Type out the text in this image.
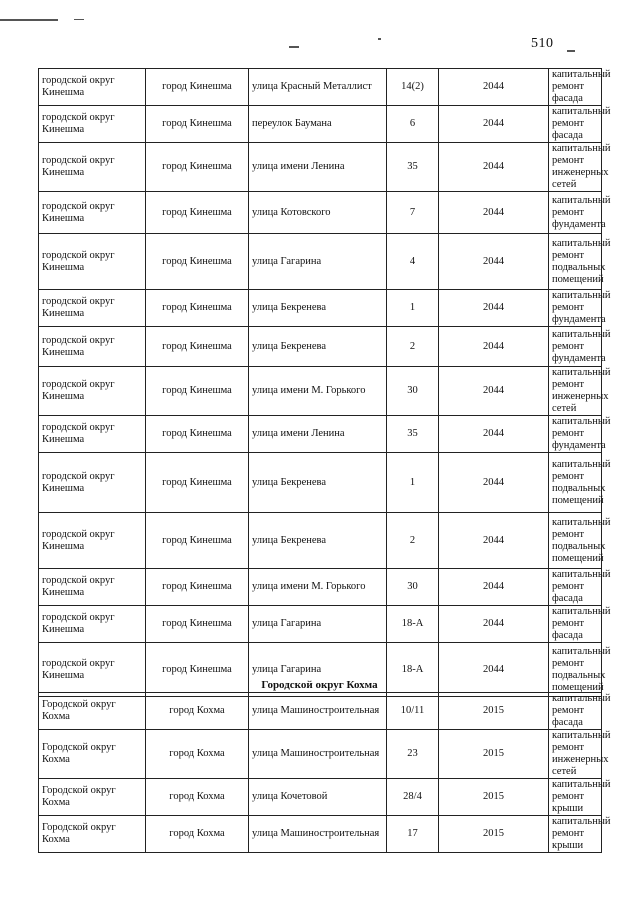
510
городской округ Кинешма	город Кинешма	улица Красный Металлист	14(2)	2044	капитальный ремонт фасада
городской округ Кинешма	город Кинешма	переулок Баумана	6	2044	капитальный ремонт фасада
городской округ Кинешма	город Кинешма	улица имени Ленина	35	2044	капитальный ремонт инженерных сетей
городской округ Кинешма	город Кинешма	улица Котовского	7	2044	капитальный ремонт фундамента
городской округ Кинешма	город Кинешма	улица Гагарина	4	2044	капитальный ремонт подвальных помещений
городской округ Кинешма	город Кинешма	улица Бекренева	1	2044	капитальный ремонт фундамента
городской округ Кинешма	город Кинешма	улица Бекренева	2	2044	капитальный ремонт фундамента
городской округ Кинешма	город Кинешма	улица имени М. Горького	30	2044	капитальный ремонт инженерных сетей
городской округ Кинешма	город Кинешма	улица имени Ленина	35	2044	капитальный ремонт фундамента
городской округ Кинешма	город Кинешма	улица Бекренева	1	2044	капитальный ремонт подвальных помещений
городской округ Кинешма	город Кинешма	улица Бекренева	2	2044	капитальный ремонт подвальных помещений
городской округ Кинешма	город Кинешма	улица имени М. Горького	30	2044	капитальный ремонт фасада
городской округ Кинешма	город Кинешма	улица Гагарина	18-А	2044	капитальный ремонт фасада
городской округ Кинешма	город Кинешма	улица Гагарина	18-А	2044	капитальный ремонт подвальных помещений
Городской округ Кохма
Городской округ Кохма	город Кохма	улица Машиностроительная	10/11	2015	капитальный ремонт фасада
Городской округ Кохма	город Кохма	улица Машиностроительная	23	2015	капитальный ремонт инженерных сетей
Городской округ Кохма	город Кохма	улица Кочетовой	28/4	2015	капитальный ремонт крыши
Городской округ Кохма	город Кохма	улица Машиностроительная	17	2015	капитальный ремонт крыши
